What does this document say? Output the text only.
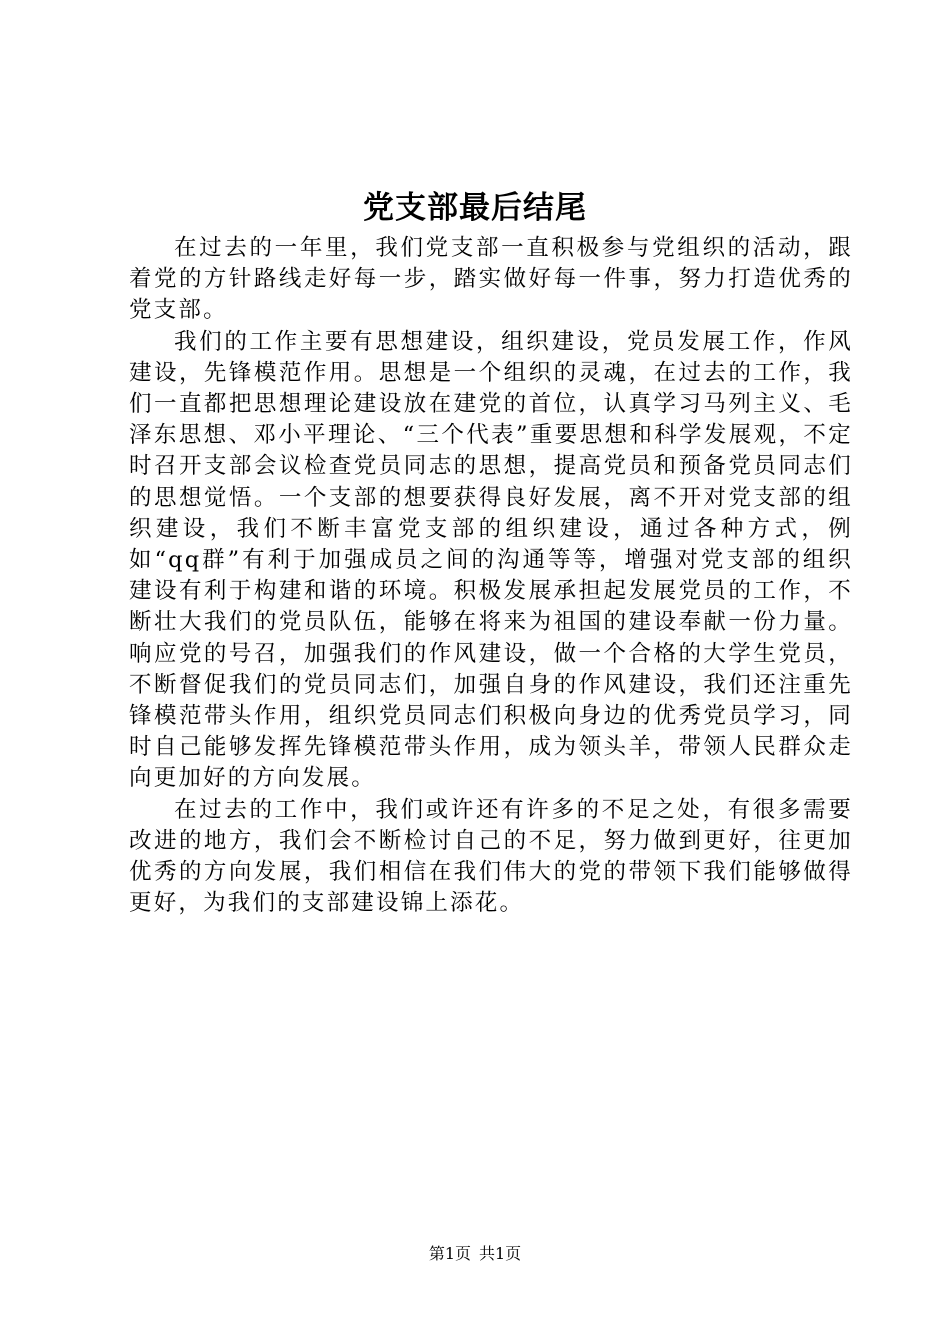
党支部最后结尾

在过去的一年里，我们党支部一直积极参与党组织的活动，跟着党的方针路线走好每一步，踏实做好每一件事，努力打造优秀的党支部。

我们的工作主要有思想建设，组织建设，党员发展工作，作风建设，先锋模范作用。思想是一个组织的灵魂，在过去的工作，我们一直都把思想理论建设放在建党的首位，认真学习马列主义、毛泽东思想、邓小平理论、“三个代表”重要思想和科学发展观，不定时召开支部会议检查党员同志的思想，提高党员和预备党员同志们的思想觉悟。一个支部的想要获得良好发展，离不开对党支部的组织建设，我们不断丰富党支部的组织建设，通过各种方式，例如“qq群”有利于加强成员之间的沟通等等，增强对党支部的组织建设有利于构建和谐的环境。积极发展承担起发展党员的工作，不断壮大我们的党员队伍，能够在将来为祖国的建设奉献一份力量。响应党的号召，加强我们的作风建设，做一个合格的大学生党员，不断督促我们的党员同志们，加强自身的作风建设，我们还注重先锋模范带头作用，组织党员同志们积极向身边的优秀党员学习，同时自己能够发挥先锋模范带头作用，成为领头羊，带领人民群众走向更加好的方向发展。

在过去的工作中，我们或许还有许多的不足之处，有很多需要改进的地方，我们会不断检讨自己的不足，努力做到更好，往更加优秀的方向发展，我们相信在我们伟大的党的带领下我们能够做得更好，为我们的支部建设锦上添花。

第1页 共1页
